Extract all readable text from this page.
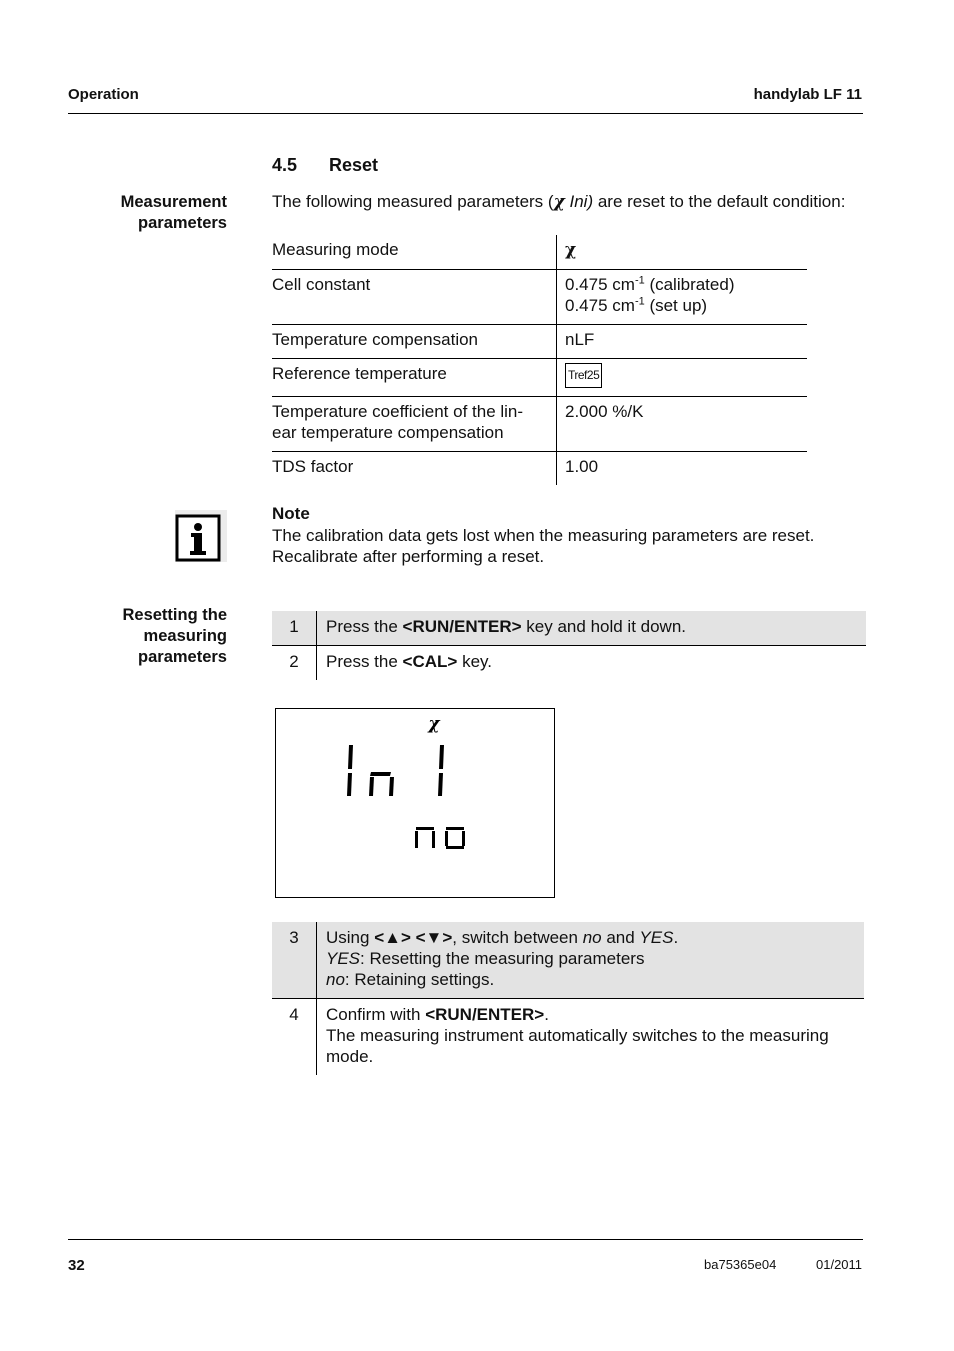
Operation	handylab LF 11
4.5 Reset
Measurement
parameters
The following measured parameters (χ Ini) are reset to the default condition:
Measuring mode	χ
Cell constant	0.475 $cm^{-1}$ (calibrated)
0.475 $cm^{-1}$ (set up)

Temperature compensation	nLF
Reference temperature	Tref25

Temperature coefficient of the lin-
ear temperature compensation	2.000 %/K
TDS factor	1.00
Note
The calibration data gets lost when the measuring parameters are reset.
Recalibrate after performing a reset.
Resetting the
measuring
parameters
1	Press the <RUN/ENTER> key and hold it down.
2	Press the <CAL> key.
χ
3	Using <▲> <▼>, switch between no and YES.
YES: Resetting the measuring parameters
no: Retaining settings.

4	Confirm with <RUN/ENTER>.
The measuring instrument automatically switches to the measuring
mode.
32	ba75365e04	01/2011
